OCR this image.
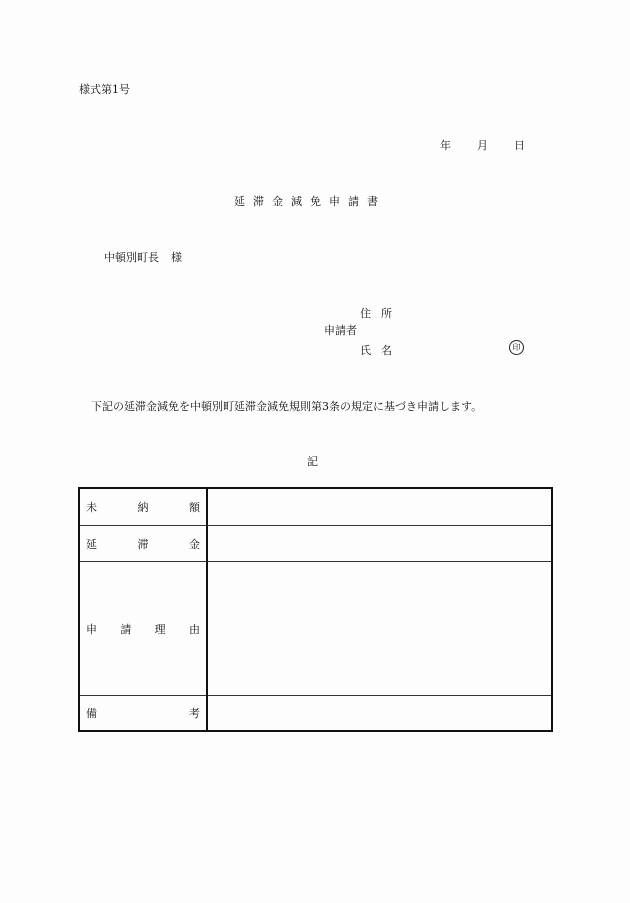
様式第1号
年 月 日
延滞金減免申請書
中頓別町長 様
住所
申請者
氏名	印
下記の延滞金減免を中頓別町延滞金減免規則第3条の規定に基づき申請します。
記
未 納 額	

延 滞 金	

申 請 理 由	

備 考	
